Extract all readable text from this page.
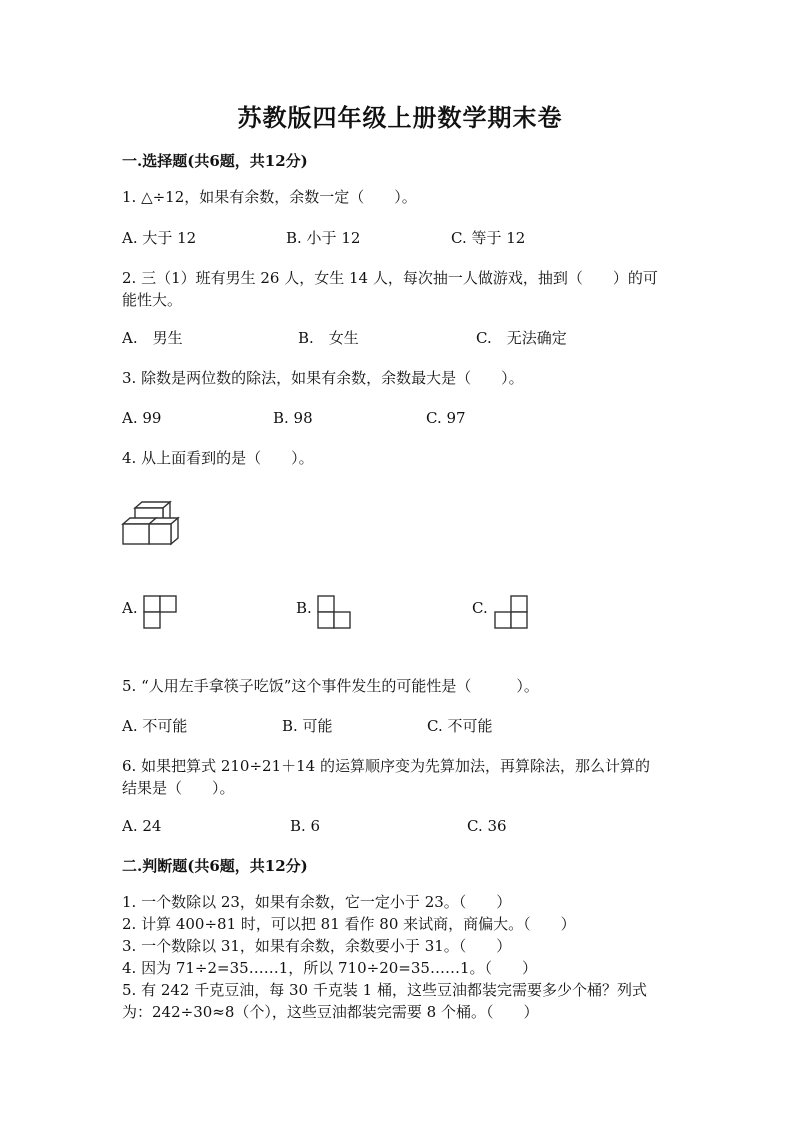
苏教版四年级上册数学期末卷
一.选择题(共6题，共12分)
1. △÷12，如果有余数，余数一定（　　）。
A. 大于 12	B. 小于 12	C. 等于 12
2. 三（1）班有男生 26 人，女生 14 人，每次抽一人做游戏，抽到（　　）的可
能性大。
A.　男生	B.　女生	C.　无法确定
3. 除数是两位数的除法，如果有余数，余数最大是（　　）。
A. 99	B. 98	C. 97
4. 从上面看到的是（　　）。
A.	B.	C.
5. “人用左手拿筷子吃饭”这个事件发生的可能性是（　　　）。
A. 不可能	B. 可能	C. 不可能
6. 如果把算式 210÷21＋14 的运算顺序变为先算加法，再算除法，那么计算的
结果是（　　）。
A. 24	B. 6	C. 36
二.判断题(共6题，共12分)
1. 一个数除以 23，如果有余数，它一定小于 23。（　　）
2. 计算 400÷81 时，可以把 81 看作 80 来试商，商偏大。（　　）
3. 一个数除以 31，如果有余数，余数要小于 31。（　　）
4. 因为 71÷2=35……1，所以 710÷20=35……1。（　　）
5. 有 242 千克豆油，每 30 千克装 1 桶，这些豆油都装完需要多少个桶？列式
为：242÷30≈8（个），这些豆油都装完需要 8 个桶。（　　）
